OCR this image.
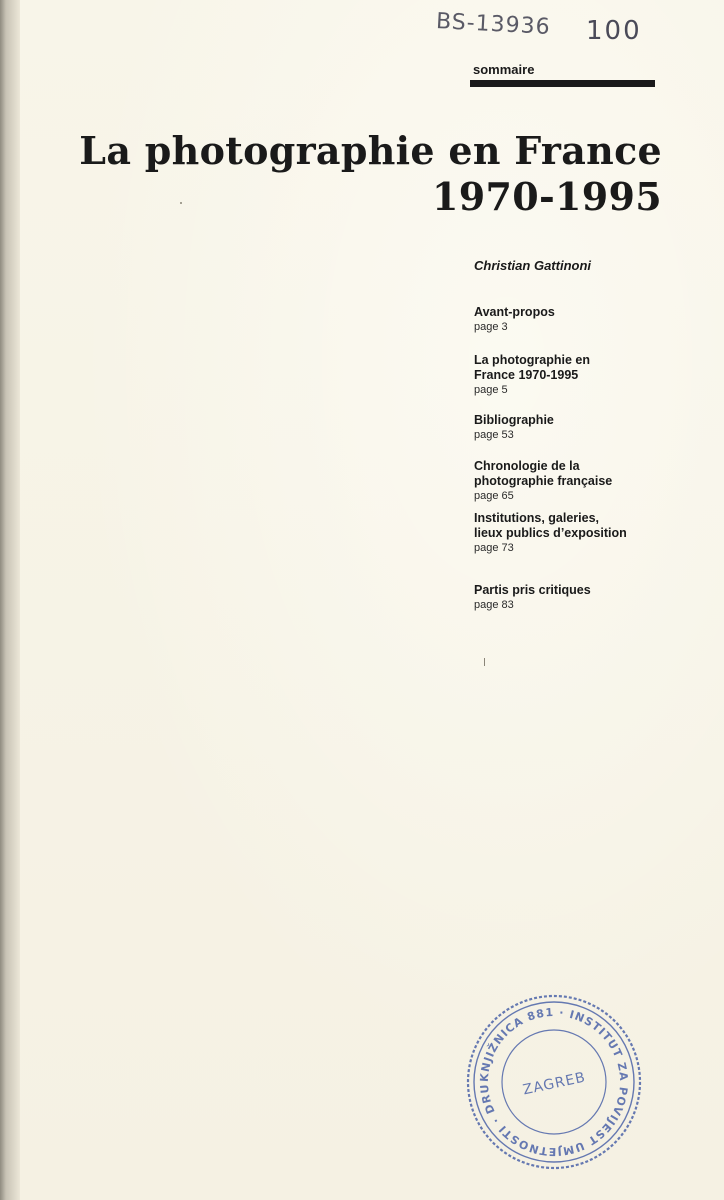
BS-13936 100
sommaire
La photographie en France
1970-1995
Christian Gattinoni
Avant-propos
page 3
La photographie en
France 1970-1995
page 5
Bibliographie
page 53
Chronologie de la
photographie française
page 65
Institutions, galeries,
lieux publics d’exposition
page 73
Partis pris critiques
page 83
KNJIŽNICA 881 · INSTITUT ZA POVIJEST UMJETNOSTI · DRU	ZAGREB
